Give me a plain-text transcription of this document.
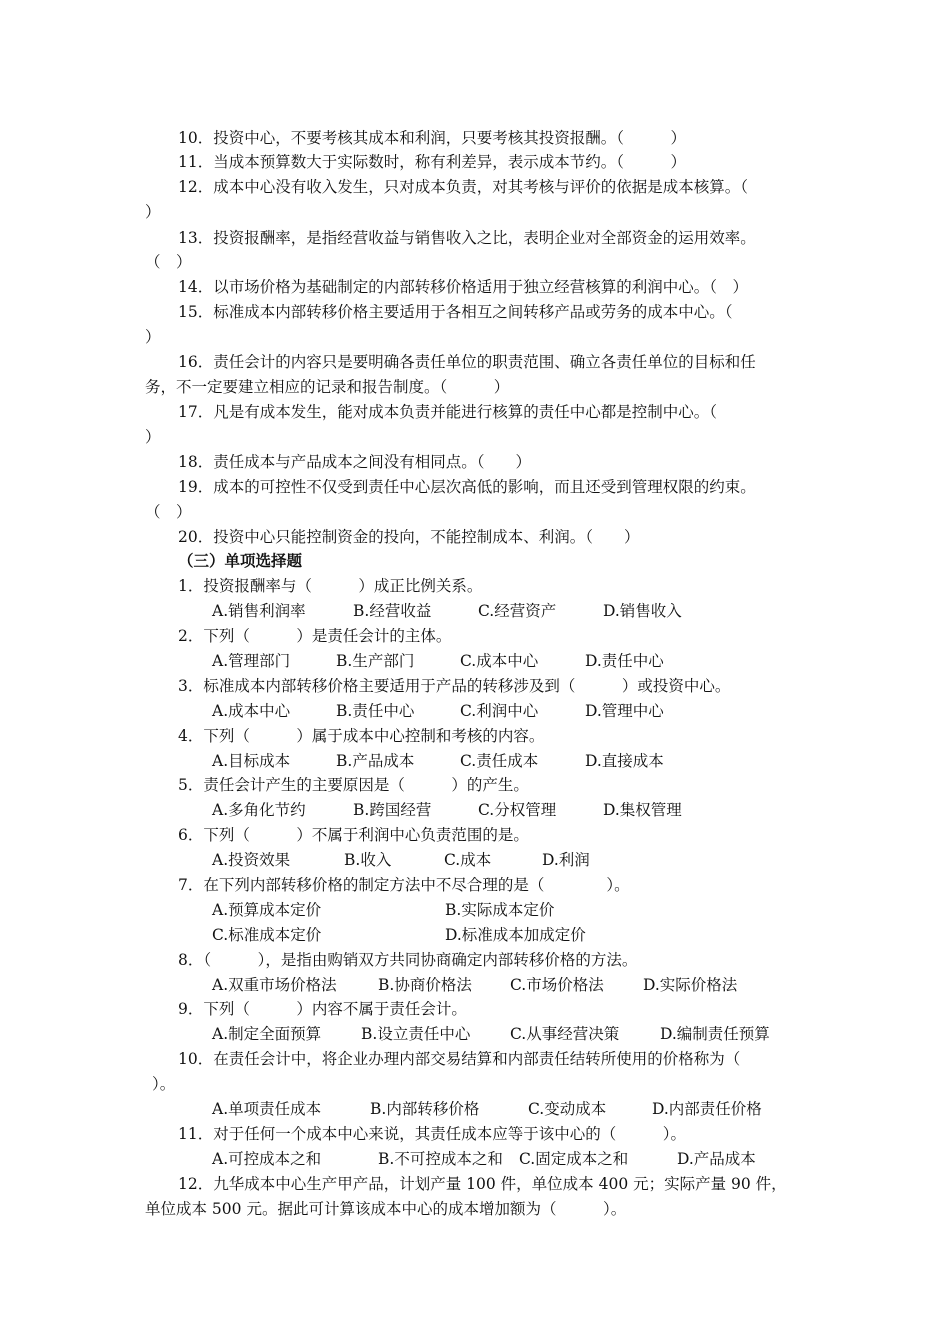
10．投资中心，不要考核其成本和利润，只要考核其投资报酬。（　　　）
11．当成本预算数大于实际数时，称有利差异，表示成本节约。（　　　）
12．成本中心没有收入发生，只对成本负责，对其考核与评价的依据是成本核算。（
）
13．投资报酬率，是指经营收益与销售收入之比，表明企业对全部资金的运用效率。
（　）
14．以市场价格为基础制定的内部转移价格适用于独立经营核算的利润中心。（　）
15．标准成本内部转移价格主要适用于各相互之间转移产品或劳务的成本中心。（
）
16．责任会计的内容只是要明确各责任单位的职责范围、确立各责任单位的目标和任
务，不一定要建立相应的记录和报告制度。（　　　）
17．凡是有成本发生，能对成本负责并能进行核算的责任中心都是控制中心。（
）
18．责任成本与产品成本之间没有相同点。（　　）
19．成本的可控性不仅受到责任中心层次高低的影响，而且还受到管理权限的约束。
（　）
20．投资中心只能控制资金的投向，不能控制成本、利润。（　　）
（三）单项选择题
1．投资报酬率与（　　　）成正比例关系。
A.销售利润率	B.经营收益	C.经营资产	D.销售收入
2．下列（　　　）是责任会计的主体。
A.管理部门	B.生产部门	C.成本中心	D.责任中心
3．标准成本内部转移价格主要适用于产品的转移涉及到（　　　）或投资中心。
A.成本中心	B.责任中心	C.利润中心	D.管理中心
4．下列（　　　）属于成本中心控制和考核的内容。
A.目标成本	B.产品成本	C.责任成本	D.直接成本
5．责任会计产生的主要原因是（　　　）的产生。
A.多角化节约	B.跨国经营	C.分权管理	D.集权管理
6．下列（　　　）不属于利润中心负责范围的是。
A.投资效果	B.收入	C.成本	D.利润
7．在下列内部转移价格的制定方法中不尽合理的是（　　　　）。
A.预算成本定价	B.实际成本定价
C.标准成本定价	D.标准成本加成定价
8．（　　　），是指由购销双方共同协商确定内部转移价格的方法。
A.双重市场价格法	B.协商价格法 C.市场价格法	D.实际价格法
9．下列（　　　）内容不属于责任会计。
A.制定全面预算	B.设立责任中心	C.从事经营决策	D.编制责任预算
10．在责任会计中，将企业办理内部交易结算和内部责任结转所使用的价格称为（
）。
A.单项责任成本	B.内部转移价格	C.变动成本	D.内部责任价格
11．对于任何一个成本中心来说，其责任成本应等于该中心的（　　　）。
A.可控成本之和	B.不可控成本之和 C.固定成本之和	D.产品成本
12．九华成本中心生产甲产品，计划产量 100 件，单位成本 400 元；实际产量 90 件，
单位成本 500 元。据此可计算该成本中心的成本增加额为（　　　）。
